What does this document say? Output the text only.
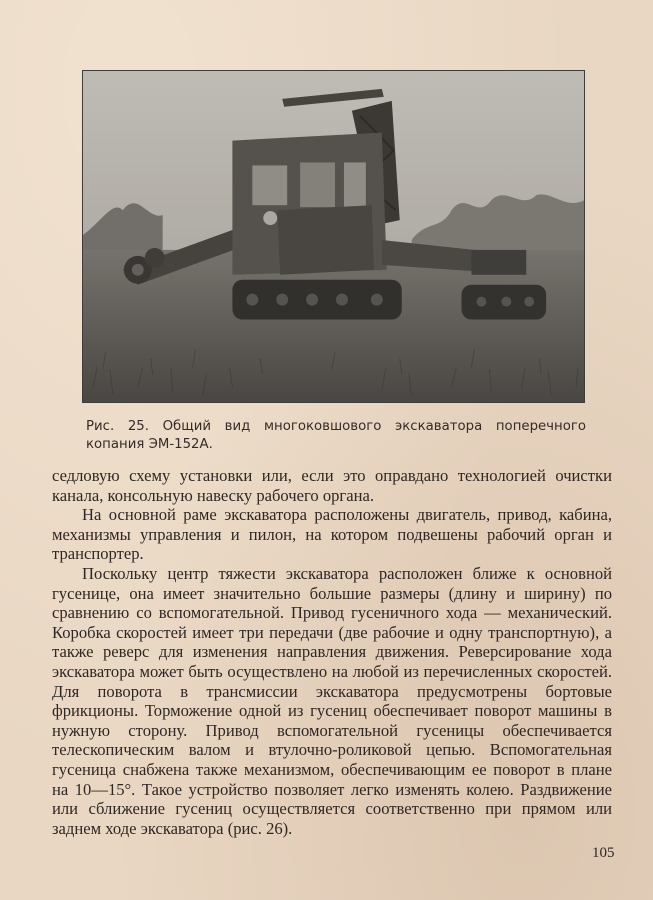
Рис. 25. Общий вид многоковшового экскаватора поперечного копания ЭМ-152А.

седловую схему установки или, если это оправдано технологией очистки канала, консольную навеску рабочего органа.

На основной раме экскаватора расположены двигатель, привод, кабина, механизмы управления и пилон, на котором подвешены рабочий орган и транспортер.

Поскольку центр тяжести экскаватора расположен ближе к основной гусенице, она имеет значительно большие размеры (длину и ширину) по сравнению со вспомогательной. Привод гусеничного хода — механический. Коробка скоростей имеет три передачи (две рабочие и одну транспортную), а также реверс для изменения направления движения. Реверсирование хода экскаватора может быть осуществлено на любой из перечисленных скоростей. Для поворота в трансмиссии экскаватора предусмотрены бортовые фрикционы. Торможение одной из гусениц обеспечивает поворот машины в нужную сторону. Привод вспомогательной гусеницы обеспечивается телескопическим валом и втулочно-роликовой цепью. Вспомогательная гусеница снабжена также механизмом, обеспечивающим ее поворот в плане на 10—15°. Такое устройство позволяет легко изменять колею. Раздвижение или сближение гусениц осуществляется соответственно при прямом или заднем ходе экскаватора (рис. 26).

105
